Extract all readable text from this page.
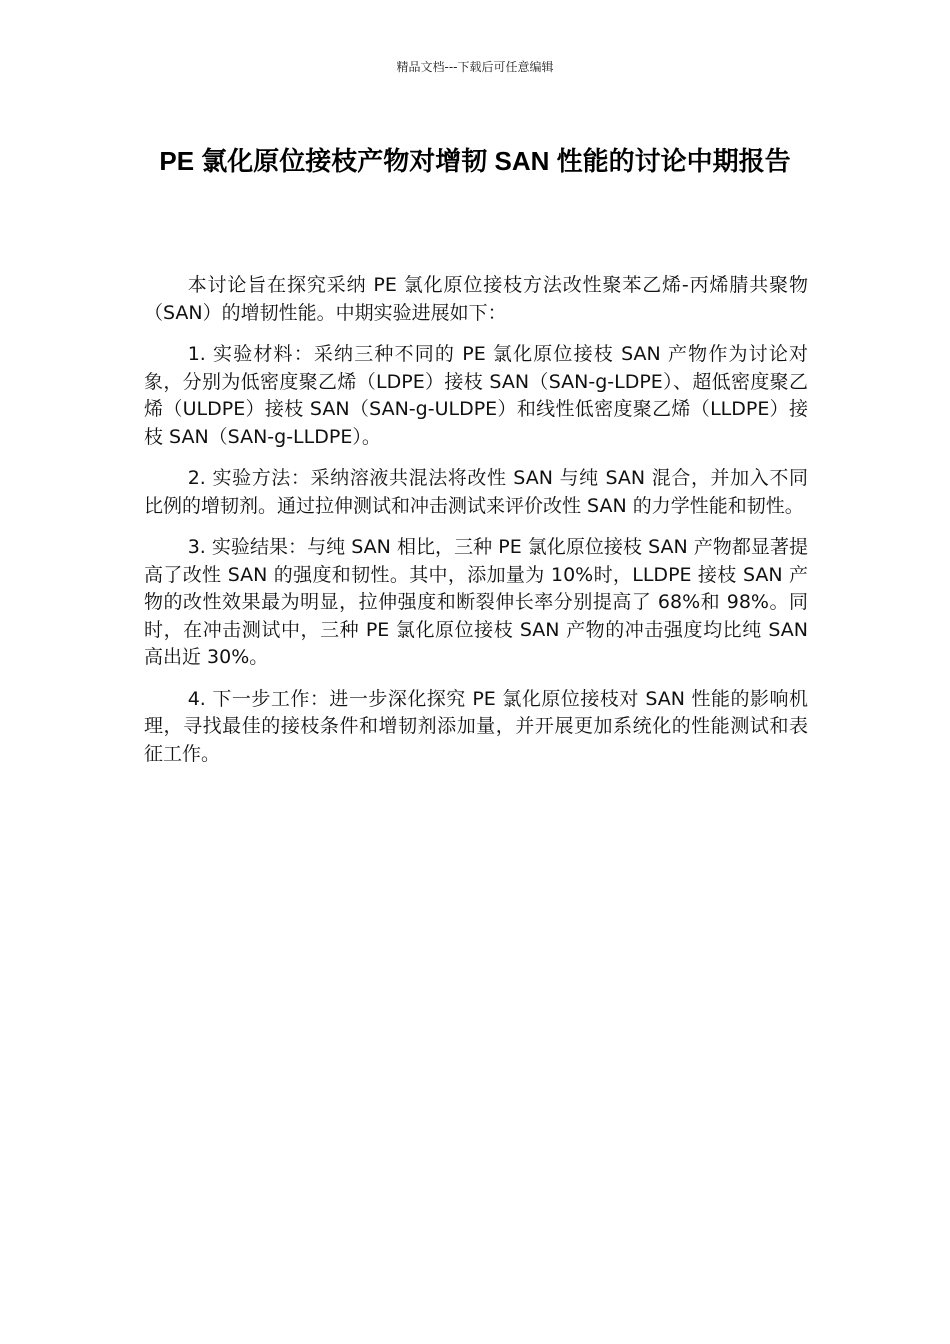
精品文档---下载后可任意编辑
PE 氯化原位接枝产物对增韧 SAN 性能的讨论中期报告

本讨论旨在探究采纳 PE 氯化原位接枝方法改性聚苯乙烯-丙烯腈共聚物（SAN）的增韧性能。中期实验进展如下：

1. 实验材料：采纳三种不同的 PE 氯化原位接枝 SAN 产物作为讨论对象，分别为低密度聚乙烯（LDPE）接枝 SAN（SAN-g-LDPE）、超低密度聚乙烯（ULDPE）接枝 SAN（SAN-g-ULDPE）和线性低密度聚乙烯（LLDPE）接枝 SAN（SAN-g-LLDPE）。

2. 实验方法：采纳溶液共混法将改性 SAN 与纯 SAN 混合，并加入不同比例的增韧剂。通过拉伸测试和冲击测试来评价改性 SAN 的力学性能和韧性。

3. 实验结果：与纯 SAN 相比，三种 PE 氯化原位接枝 SAN 产物都显著提高了改性 SAN 的强度和韧性。其中，添加量为 10%时，LLDPE 接枝 SAN 产物的改性效果最为明显，拉伸强度和断裂伸长率分别提高了 68%和 98%。同时，在冲击测试中，三种 PE 氯化原位接枝 SAN 产物的冲击强度均比纯 SAN 高出近 30%。

4. 下一步工作：进一步深化探究 PE 氯化原位接枝对 SAN 性能的影响机理，寻找最佳的接枝条件和增韧剂添加量，并开展更加系统化的性能测试和表征工作。
